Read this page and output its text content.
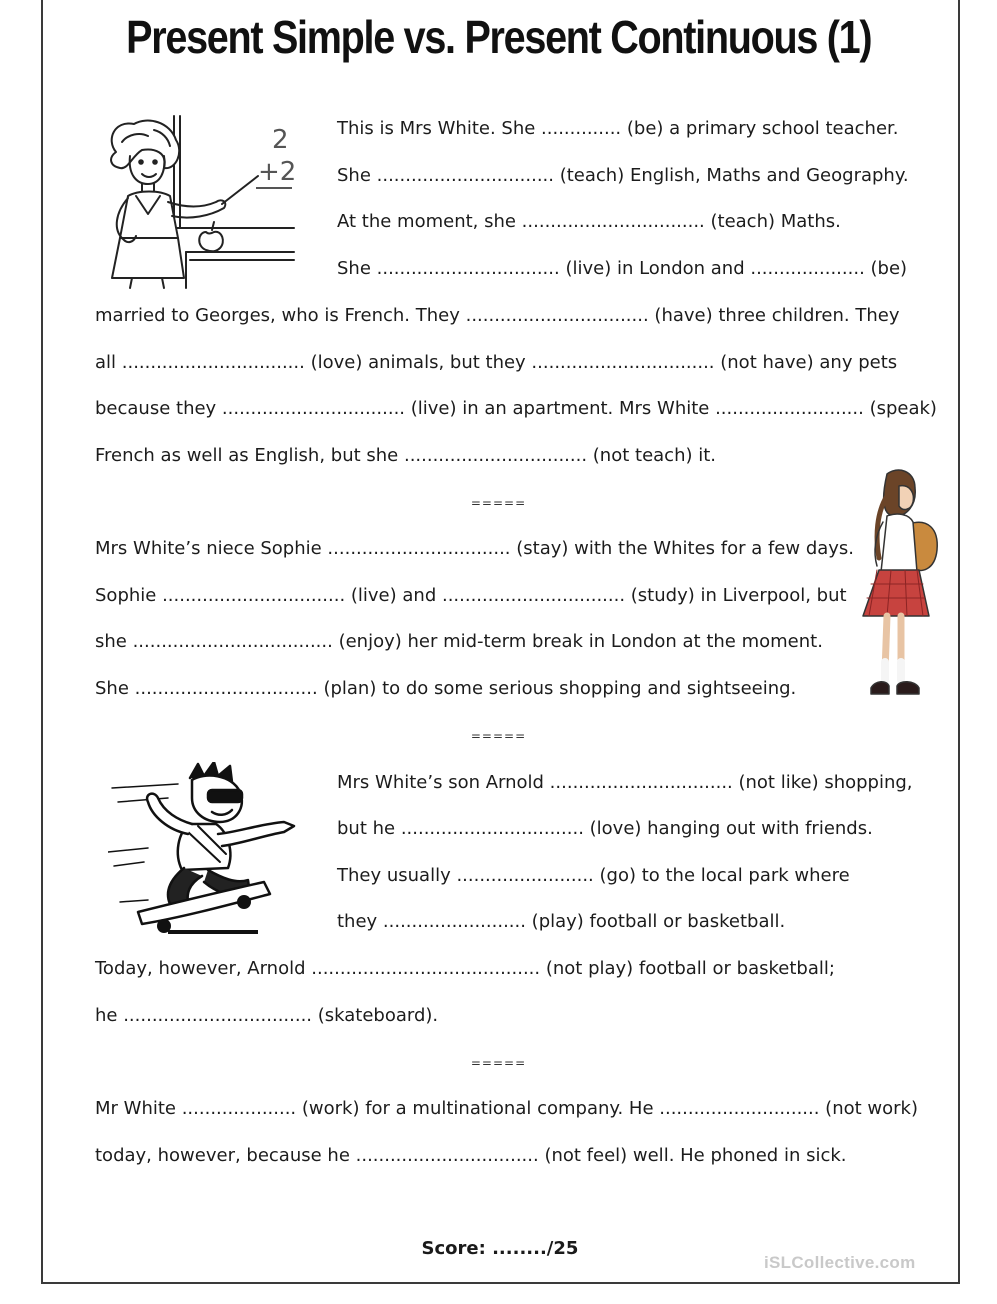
Present Simple vs. Present Continuous (1)
2
+2
This is Mrs White. She .............. (be) a primary school teacher.
She ............................... (teach) English, Maths and Geography.
At the moment, she ................................ (teach) Maths.
She ................................ (live) in London and .................... (be)
married to Georges, who is French. They ................................ (have) three children. They
all ................................ (love) animals, but they ................................ (not have) any pets
because they ................................ (live) in an apartment. Mrs White .......................... (speak)
French as well as English, but she ................................ (not teach) it.
=====
Mrs White’s niece Sophie ................................ (stay) with the Whites for a few days.
Sophie ................................ (live) and ................................ (study) in Liverpool, but
she ................................... (enjoy) her mid-term break in London at the moment.
She ................................ (plan) to do some serious shopping and sightseeing.
=====
Mrs White’s son Arnold ................................ (not like) shopping,
but he ................................ (love) hanging out with friends.
They usually ........................ (go) to the local park where
they ......................... (play) football or basketball.
Today, however, Arnold ........................................ (not play) football or basketball;
he ................................. (skateboard).
=====
Mr White .................... (work) for a multinational company. He ............................ (not work)
today, however, because he ................................ (not feel) well. He phoned in sick.
Score: ......../25
iSLCollective.com
